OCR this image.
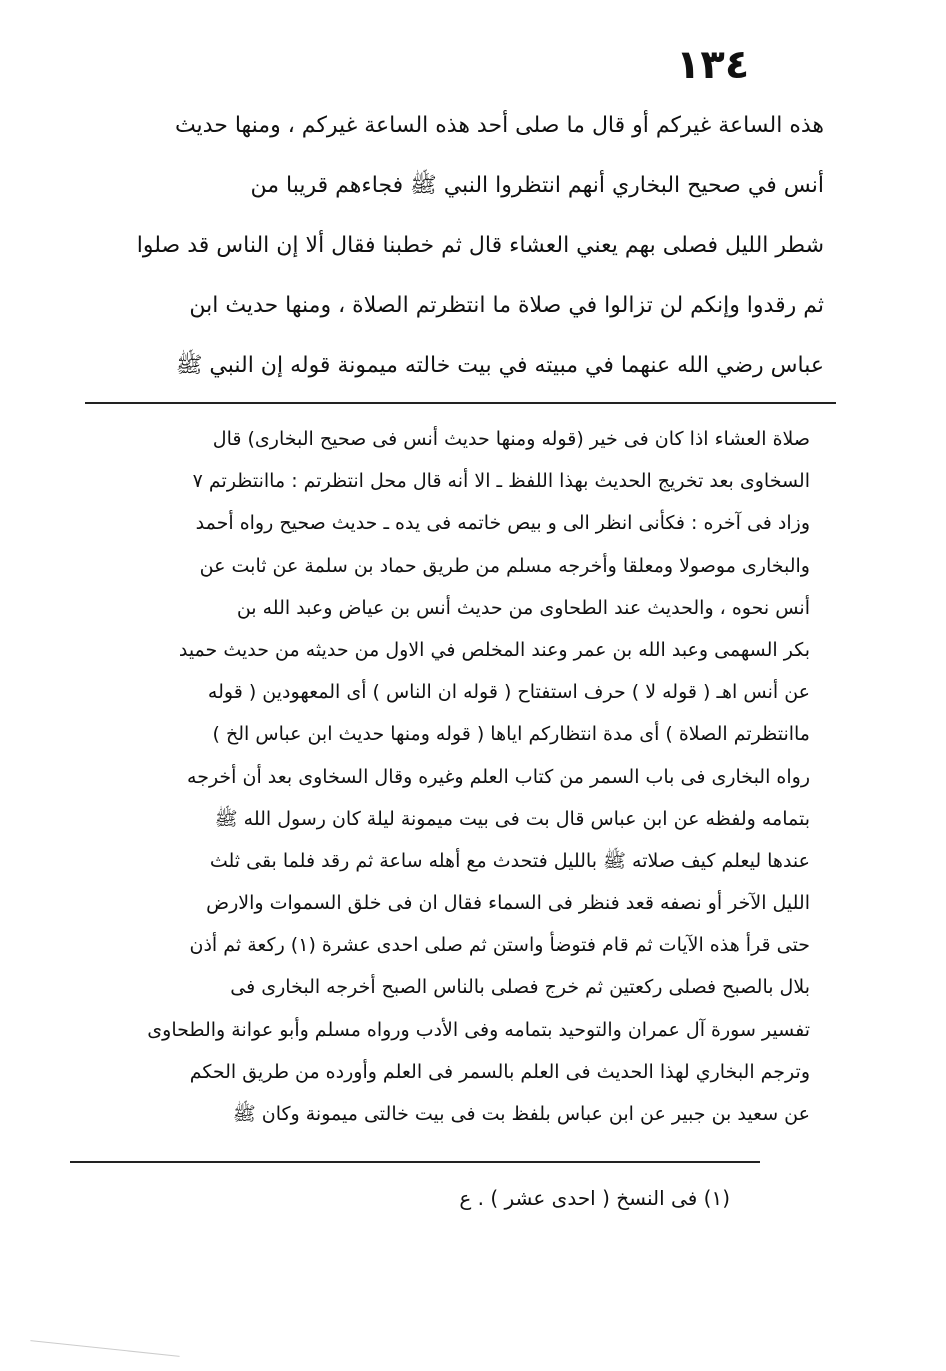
١٣٤
هذه الساعة غيركم أو قال ما صلى أحد هذه الساعة غيركم ، ومنها حديث
أنس في صحيح البخاري أنهم انتظروا النبي ﷺ فجاءهم قريبا من
شطر الليل فصلى بهم يعني العشاء قال ثم خطبنا فقال ألا إن الناس قد صلوا
ثم رقدوا وإنكم لن تزالوا في صلاة ما انتظرتم الصلاة ، ومنها حديث ابن
عباس رضي الله عنهما في مبيته في بيت خالته ميمونة قوله إن النبي ﷺ
صلاة العشاء اذا كان فى خير (قوله ومنها حديث أنس فى صحيح البخارى) قال
السخاوى بعد تخريج الحديث بهذا اللفظ ـ الا أنه قال محل انتظرتم : ماانتظرتم ٧
وزاد فى آخره : فكأنى انظر الى و بيص خاتمه فى يده ـ حديث صحيح رواه أحمد
والبخارى موصولا ومعلقا وأخرجه مسلم من طريق حماد بن سلمة عن ثابت عن
أنس نحوه ، والحديث عند الطحاوى من حديث أنس بن عياض وعبد الله بن
بكر السهمى وعبد الله بن عمر وعند المخلص في الاول من حديثه من حديث حميد
عن أنس اهـ ( قوله لا ) حرف استفتاح ( قوله ان الناس ) أى المعهودين ( قوله
ماانتظرتم الصلاة ) أى مدة انتظاركم اياها ( قوله ومنها حديث ابن عباس الخ )
رواه البخارى فى باب السمر من كتاب العلم وغيره وقال السخاوى بعد أن أخرجه
بتمامه ولفظه عن ابن عباس قال بت فى بيت ميمونة ليلة كان رسول الله ﷺ
عندها ليعلم كيف صلاته ﷺ بالليل فتحدث مع أهله ساعة ثم رقد فلما بقى ثلث
الليل الآخر أو نصفه قعد فنظر فى السماء فقال ان فى خلق السموات والارض
حتى قرأ هذه الآيات ثم قام فتوضأ واستن ثم صلى احدى عشرة (١) ركعة ثم أذن
بلال بالصبح فصلى ركعتين ثم خرج فصلى بالناس الصبح أخرجه البخارى فى
تفسير سورة آل عمران والتوحيد بتمامه وفى الأدب ورواه مسلم وأبو عوانة والطحاوى
وترجم البخاري لهذا الحديث فى العلم بالسمر فى العلم وأورده من طريق الحكم
عن سعيد بن جبير عن ابن عباس بلفظ بت فى بيت خالتى ميمونة وكان ﷺ
(١) فى النسخ ( احدى عشر ) . ع
